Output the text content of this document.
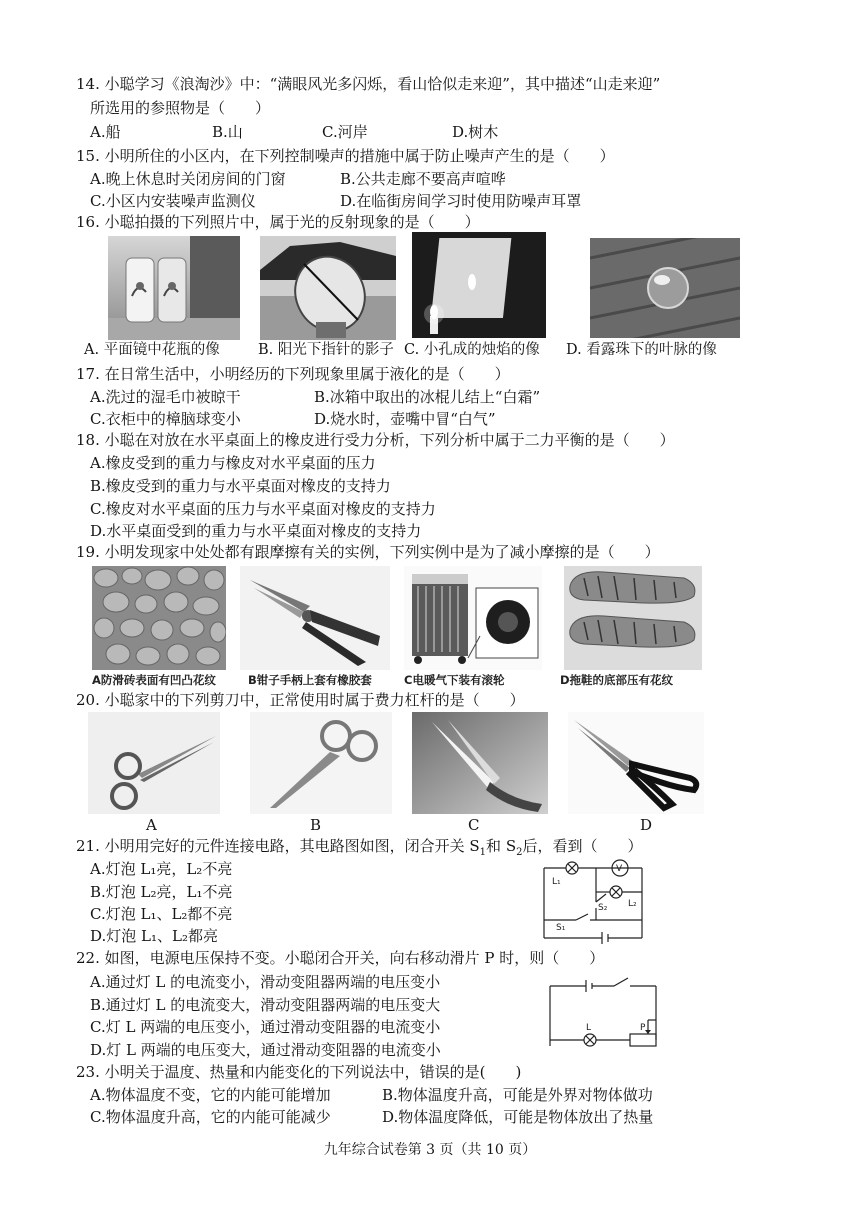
14. 小聪学习《浪淘沙》中：“满眼风光多闪烁，看山恰似走来迎”，其中描述“山走来迎”
所选用的参照物是（　　）
A.船	B.山	C.河岸	D.树木
15. 小明所住的小区内，在下列控制噪声的措施中属于防止噪声产生的是（　　）
A.晚上休息时关闭房间的门窗	B.公共走廊不要高声喧哗
C.小区内安装噪声监测仪	D.在临街房间学习时使用防噪声耳罩
16. 小聪拍摄的下列照片中，属于光的反射现象的是（　　）
A. 平面镜中花瓶的像	B. 阳光下指针的影子 C. 小孔成的烛焰的像 D. 看露珠下的叶脉的像
17. 在日常生活中，小明经历的下列现象里属于液化的是（　　）
A.洗过的湿毛巾被晾干	B.冰箱中取出的冰棍儿结上“白霜”
C.衣柜中的樟脑球变小	D.烧水时，壶嘴中冒“白气”
18. 小聪在对放在水平桌面上的橡皮进行受力分析，下列分析中属于二力平衡的是（　　）
A.橡皮受到的重力与橡皮对水平桌面的压力
B.橡皮受到的重力与水平桌面对橡皮的支持力
C.橡皮对水平桌面的压力与水平桌面对橡皮的支持力
D.水平桌面受到的重力与水平桌面对橡皮的支持力
19. 小明发现家中处处都有跟摩擦有关的实例，下列实例中是为了减小摩擦的是（　　）
A防滑砖表面有凹凸花纹	B钳子手柄上套有橡胶套	C电暖气下装有滚轮	D拖鞋的底部压有花纹
20. 小聪家中的下列剪刀中，正常使用时属于费力杠杆的是（　　）
A	B	C	D
21. 小明用完好的元件连接电路，其电路图如图，闭合开关 $S_1$和 $S_2$后，看到（　　）
A.灯泡 L₁亮，L₂不亮
B.灯泡 L₂亮，L₁不亮
C.灯泡 L₁、L₂都不亮
D.灯泡 L₁、L₂都亮
L₁
V
S₂ L₂
S₁
22. 如图，电源电压保持不变。小聪闭合开关，向右移动滑片 P 时，则（　　）
A.通过灯 L 的电流变小，滑动变阻器两端的电压变小
B.通过灯 L 的电流变大，滑动变阻器两端的电压变大
C.灯 L 两端的电压变小，通过滑动变阻器的电流变小
D.灯 L 两端的电压变大，通过滑动变阻器的电流变小
L	P
23. 小明关于温度、热量和内能变化的下列说法中，错误的是(　　)
A.物体温度不变，它的内能可能增加	B.物体温度升高，可能是外界对物体做功
C.物体温度升高，它的内能可能减少	D.物体温度降低，可能是物体放出了热量
九年综合试卷第 3 页（共 10 页）
